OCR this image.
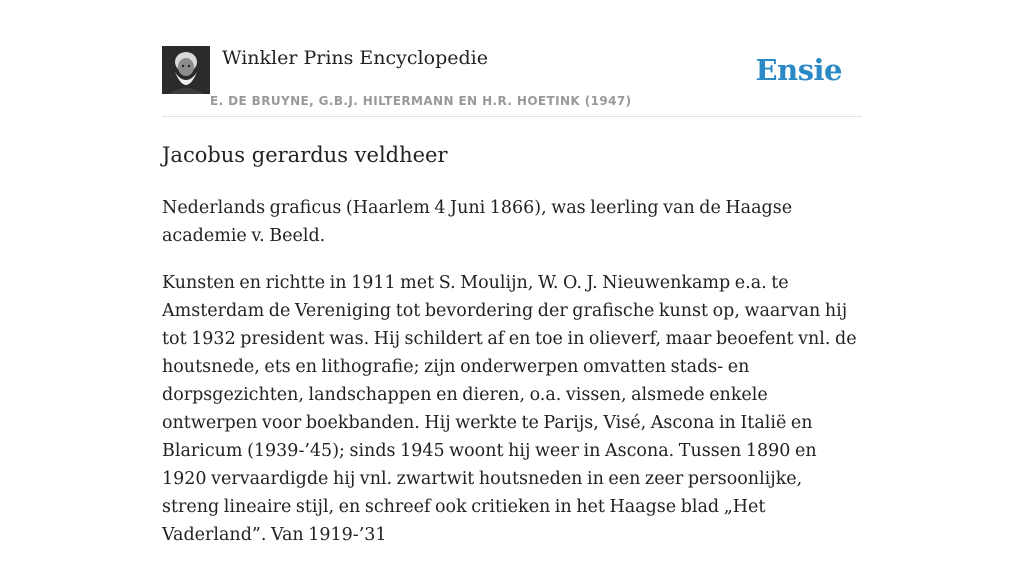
Winkler Prins Encyclopedie
E. DE BRUYNE, G.B.J. HILTERMANN EN H.R. HOETINK (1947)
Ensie
Jacobus gerardus veldheer

Nederlands graficus (Haarlem 4 Juni 1866), was leerling van de Haagse academie v. Beeld.

Kunsten en richtte in 1911 met S. Moulijn, W. O. J. Nieuwenkamp e.a. te Amsterdam de Vereniging tot bevordering der grafische kunst op, waarvan hij tot 1932 president was. Hij schildert af en toe in olieverf, maar beoefent vnl. de houtsnede, ets en lithografie; zijn onderwerpen omvatten stads- en dorpsgezichten, landschappen en dieren, o.a. vissen, alsmede enkele ontwerpen voor boekbanden. Hij werkte te Parijs, Visé, Ascona in Italië en Blaricum (1939-’45); sinds 1945 woont hij weer in Ascona. Tussen 1890 en 1920 vervaardigde hij vnl. zwartwit houtsneden in een zeer persoonlijke, streng lineaire stijl, en schreef ook critieken in het Haagse blad „Het Vaderland”. Van 1919-’31
